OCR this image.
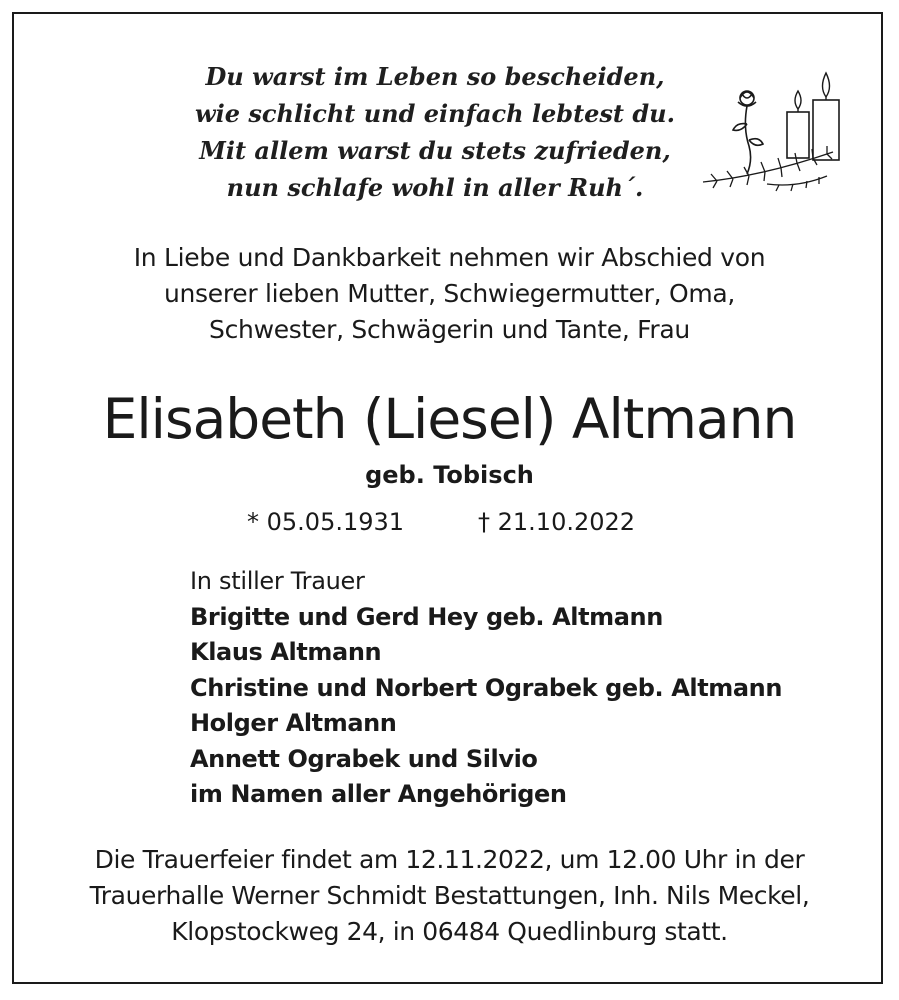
Du warst im Leben so bescheiden,
wie schlicht und einfach lebtest du.
Mit allem warst du stets zufrieden,
nun schlafe wohl in aller Ruh´.
In Liebe und Dankbarkeit nehmen wir Abschied von
unserer lieben Mutter, Schwiegermutter, Oma,
Schwester, Schwägerin und Tante, Frau
Elisabeth (Liesel) Altmann
geb. Tobisch
* 05.05.1931	† 21.10.2022
In stiller Trauer
Brigitte und Gerd Hey geb. Altmann
Klaus Altmann
Christine und Norbert Ograbek geb. Altmann
Holger Altmann
Annett Ograbek und Silvio
im Namen aller Angehörigen
Die Trauerfeier findet am 12.11.2022, um 12.00 Uhr in der
Trauerhalle Werner Schmidt Bestattungen, Inh. Nils Meckel,
Klopstockweg 24, in 06484 Quedlinburg statt.
